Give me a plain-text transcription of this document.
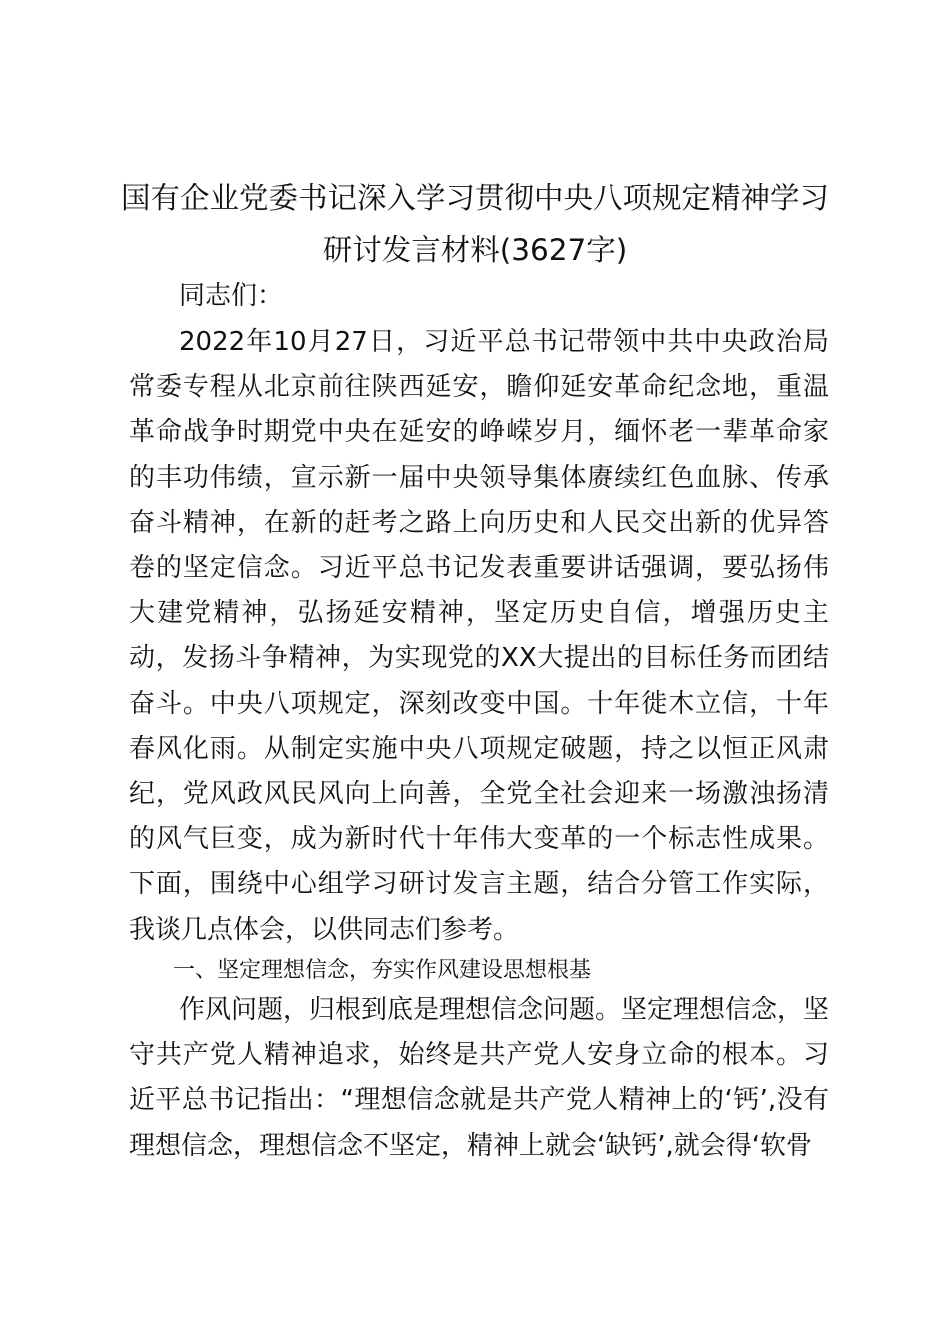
国有企业党委书记深入学习贯彻中央八项规定精神学习研讨发言材料(3627字)

同志们：

2022年10月27日，习近平总书记带领中共中央政治局常委专程从北京前往陕西延安，瞻仰延安革命纪念地，重温革命战争时期党中央在延安的峥嵘岁月，缅怀老一辈革命家的丰功伟绩，宣示新一届中央领导集体赓续红色血脉、传承奋斗精神，在新的赶考之路上向历史和人民交出新的优异答卷的坚定信念。习近平总书记发表重要讲话强调，要弘扬伟大建党精神，弘扬延安精神，坚定历史自信，增强历史主动，发扬斗争精神，为实现党的XX大提出的目标任务而团结奋斗。中央八项规定，深刻改变中国。十年徙木立信，十年春风化雨。从制定实施中央八项规定破题，持之以恒正风肃纪，党风政风民风向上向善，全党全社会迎来一场激浊扬清的风气巨变，成为新时代十年伟大变革的一个标志性成果。下面，围绕中心组学习研讨发言主题，结合分管工作实际，我谈几点体会，以供同志们参考。

一、坚定理想信念，夯实作风建设思想根基

作风问题，归根到底是理想信念问题。坚定理想信念，坚守共产党人精神追求，始终是共产党人安身立命的根本。习近平总书记指出：“理想信念就是共产党人精神上的‘钙’,没有理想信念，理想信念不坚定，精神上就会‘缺钙’,就会得‘软骨
